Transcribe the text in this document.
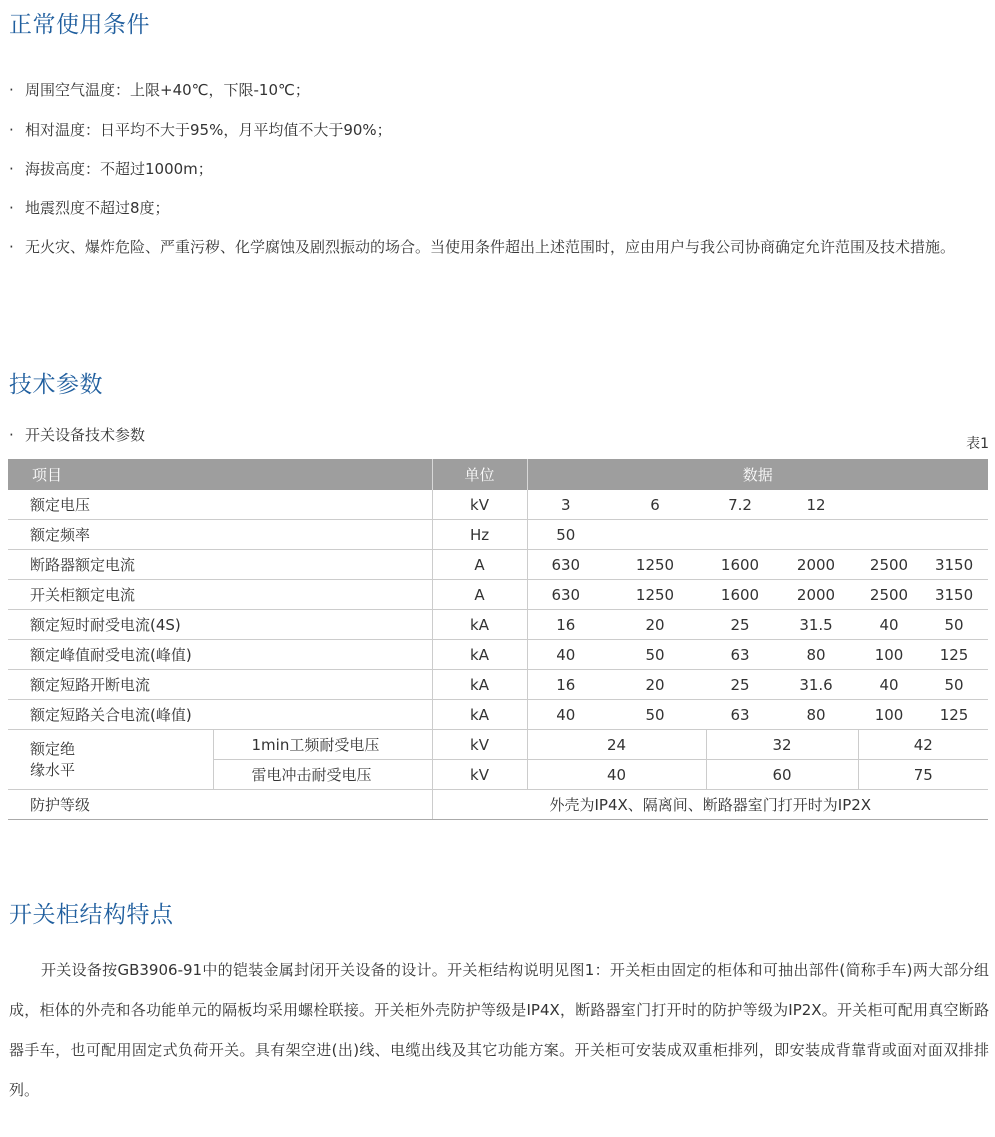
正常使用条件

· 周围空气温度：上限+40℃，下限-10℃；

· 相对温度：日平均不大于95%，月平均值不大于90%；

· 海拔高度：不超过1000m；

· 地震烈度不超过8度；

· 无火灾、爆炸危险、严重污秽、化学腐蚀及剧烈振动的场合。当使用条件超出上述范围时，应由用户与我公司协商确定允许范围及技术措施。

技术参数
· 开关设备技术参数	表1
项目		单位	数据					
额定电压		kV	3	6	7.2	12		
额定频率		Hz	50					
断路器额定电流		A	630	1250	1600	2000	2500	3150
开关柜额定电流		A	630	1250	1600	2000	2500	3150
额定短时耐受电流(4S)		kA	16	20	25	31.5	40	50
额定峰值耐受电流(峰值)		kA	40	50	63	80	100	125
额定短路开断电流		kA	16	20	25	31.6	40	50
额定短路关合电流(峰值)		kA	40	50	63	80	100	125
额定绝
缘水平	1min工频耐受电压	kV	24		32		42	
	雷电冲击耐受电压	kV	40		60		75	
防护等级		外壳为IP4X、隔离间、断路器室门打开时为IP2X						
开关柜结构特点

开关设备按GB3906-91中的铠装金属封闭开关设备的设计。开关柜结构说明见图1：开关柜由固定的柜体和可抽出部件(简称手车)两大部分组成，柜体的外壳和各功能单元的隔板均采用螺栓联接。开关柜外壳防护等级是IP4X，断路器室门打开时的防护等级为IP2X。开关柜可配用真空断路器手车，也可配用固定式负荷开关。具有架空进(出)线、电缆出线及其它功能方案。开关柜可安装成双重柜排列，即安装成背靠背或面对面双排排列。
